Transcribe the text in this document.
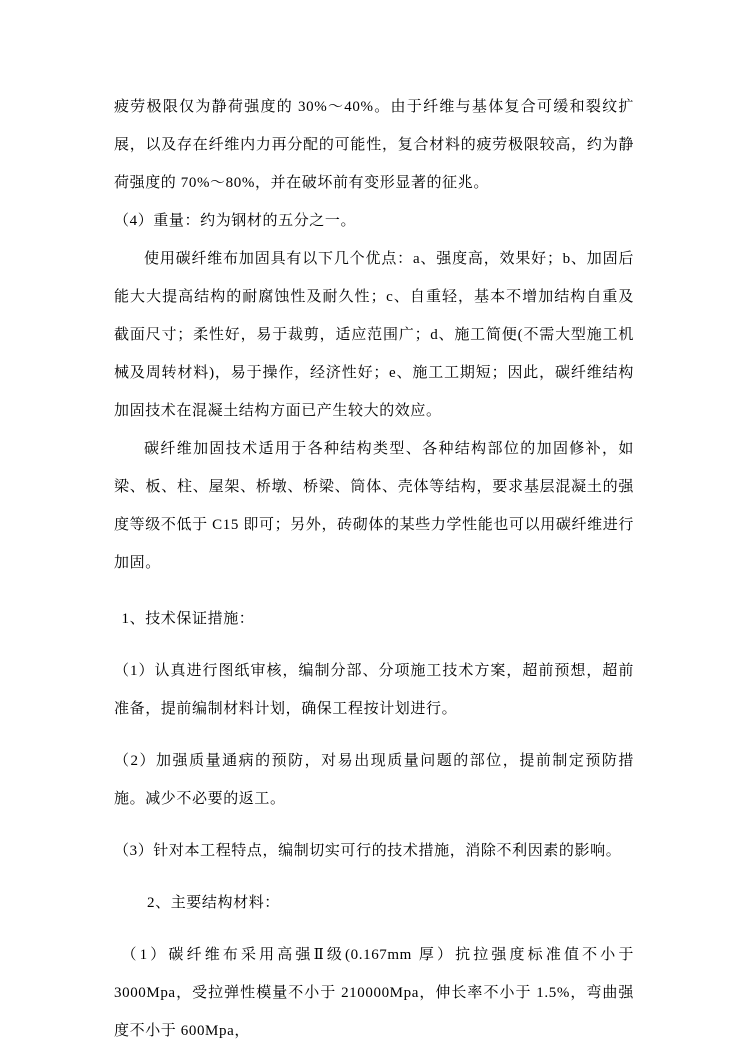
疲劳极限仅为静荷强度的 30%～40%。由于纤维与基体复合可缓和裂纹扩展，以及存在纤维内力再分配的可能性，复合材料的疲劳极限较高，约为静荷强度的 70%～80%，并在破坏前有变形显著的征兆。

（4）重量：约为钢材的五分之一。

使用碳纤维布加固具有以下几个优点：a、强度高，效果好；b、加固后能大大提高结构的耐腐蚀性及耐久性；c、自重轻，基本不增加结构自重及截面尺寸；柔性好，易于裁剪，适应范围广；d、施工简便(不需大型施工机械及周转材料)，易于操作，经济性好；e、施工工期短；因此，碳纤维结构加固技术在混凝土结构方面已产生较大的效应。

碳纤维加固技术适用于各种结构类型、各种结构部位的加固修补，如梁、板、柱、屋架、桥墩、桥梁、筒体、壳体等结构，要求基层混凝土的强度等级不低于 C15 即可；另外，砖砌体的某些力学性能也可以用碳纤维进行加固。

1、技术保证措施：

（1）认真进行图纸审核，编制分部、分项施工技术方案，超前预想，超前准备，提前编制材料计划，确保工程按计划进行。

（2）加强质量通病的预防，对易出现质量问题的部位，提前制定预防措施。减少不必要的返工。

（3）针对本工程特点，编制切实可行的技术措施，消除不利因素的影响。

2、主要结构材料：

（1）碳纤维布采用高强Ⅱ级(0.167mm 厚）抗拉强度标准值不小于 3000Mpa，受拉弹性模量不小于 210000Mpa，伸长率不小于 1.5%，弯曲强度不小于 600Mpa，
